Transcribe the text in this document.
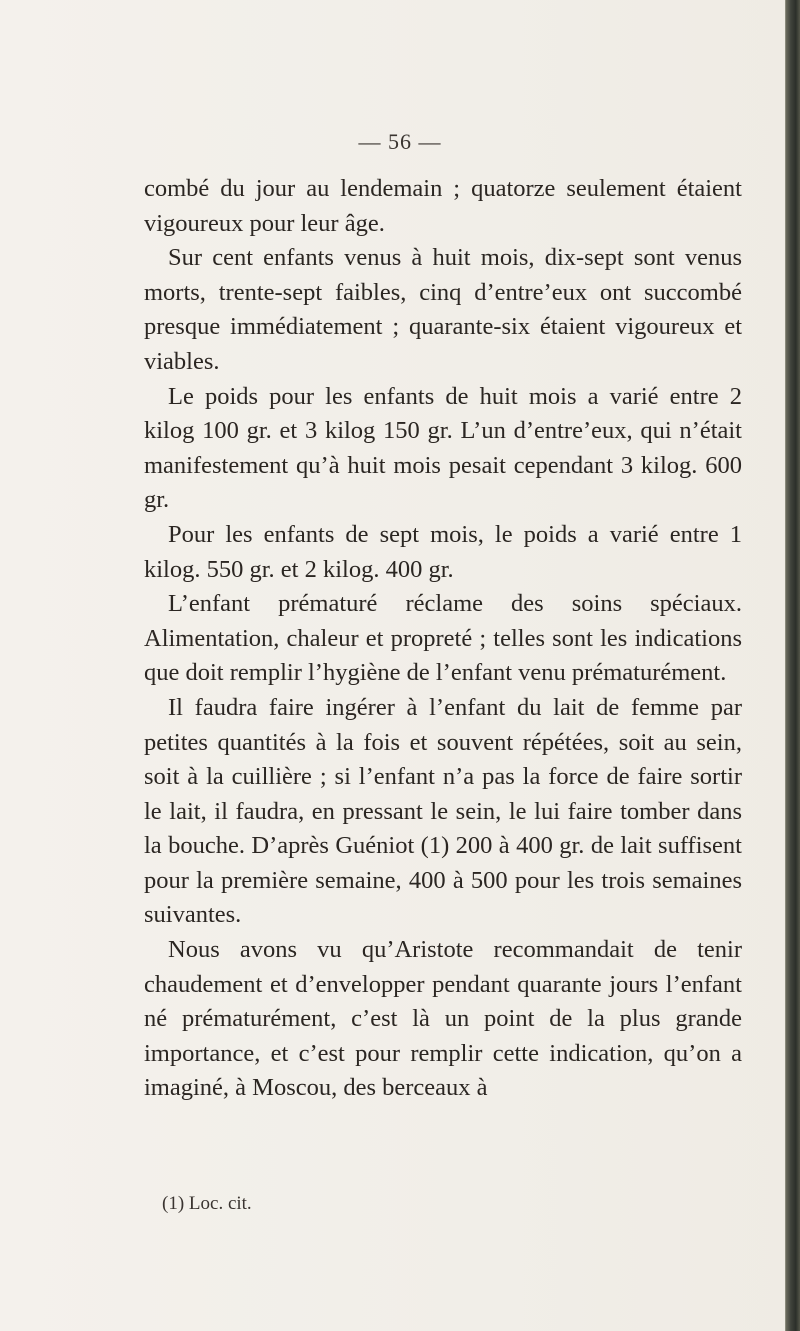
— 56 —

combé du jour au lendemain ; quatorze seulement étaient vigoureux pour leur âge.

Sur cent enfants venus à huit mois, dix-sept sont venus morts, trente-sept faibles, cinq d’entre’eux ont succombé presque immédiatement ; quarante-six étaient vigoureux et viables.

Le poids pour les enfants de huit mois a varié entre 2 kilog 100 gr. et 3 kilog 150 gr. L’un d’entre’eux, qui n’était manifestement qu’à huit mois pesait cependant 3 kilog. 600 gr.

Pour les enfants de sept mois, le poids a varié entre 1 kilog. 550 gr. et 2 kilog. 400 gr.

L’enfant prématuré réclame des soins spéciaux. Alimentation, chaleur et propreté ; telles sont les indications que doit remplir l’hygiène de l’enfant venu prématurément.

Il faudra faire ingérer à l’enfant du lait de femme par petites quantités à la fois et souvent répétées, soit au sein, soit à la cuillière ; si l’enfant n’a pas la force de faire sortir le lait, il faudra, en pressant le sein, le lui faire tomber dans la bouche. D’après Guéniot (1) 200 à 400 gr. de lait suffisent pour la première semaine, 400 à 500 pour les trois semaines suivantes.

Nous avons vu qu’Aristote recommandait de tenir chaudement et d’envelopper pendant quarante jours l’enfant né prématurément, c’est là un point de la plus grande importance, et c’est pour remplir cette indication, qu’on a imaginé, à Moscou, des berceaux à

(1) Loc. cit.
